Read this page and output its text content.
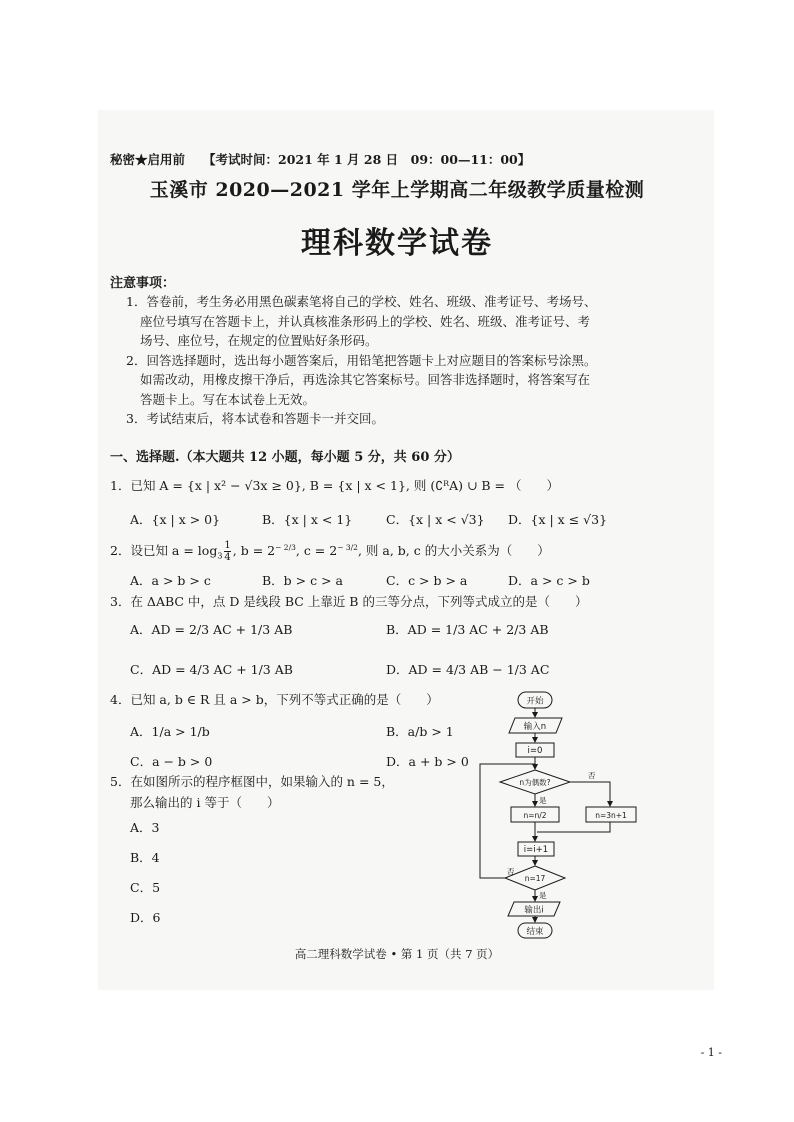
秘密★启用前 【考试时间：2021 年 1 月 28 日　09：00—11：00】
玉溪市 2020—2021 学年上学期高二年级教学质量检测
理科数学试卷
注意事项：
1．答卷前，考生务必用黑色碳素笔将自己的学校、姓名、班级、准考证号、考场号、
座位号填写在答题卡上，并认真核准条形码上的学校、姓名、班级、准考证号、考
场号、座位号，在规定的位置贴好条形码。
2．回答选择题时，选出每小题答案后，用铅笔把答题卡上对应题目的答案标号涂黑。
如需改动，用橡皮擦干净后，再选涂其它答案标号。回答非选择题时，将答案写在
答题卡上。写在本试卷上无效。
3．考试结束后，将本试卷和答题卡一并交回。
一、选择题.（本大题共 12 小题，每小题 5 分，共 60 分）
1．已知 A = {x | x² − √3x ≥ 0}, B = {x | x < 1}, 则 (∁ᴿA) ∪ B = （　　）
A．{x | x > 0}	B．{x | x < 1}	C．{x | x < √3} D．{x | x ≤ √3}
2．设已知 $a = \log_3 \frac{1}{4}$ , $b = 2^{- 2/3}$, $c = 2^{- 3/2}$, 则 a, b, c 的大小关系为（　　）
A．a > b > c	B．b > c > a	C．c > b > a	D．a > c > b
3．在 ΔABC 中，点 D 是线段 BC 上靠近 B 的三等分点，下列等式成立的是（　　）
A．AD = 2/3 AC + 1/3 AB	B．AD = 1/3 AC + 2/3 AB
C．AD = 4/3 AC + 1/3 AB	D．AD = 4/3 AB − 1/3 AC
4．已知 a, b ∈ R 且 a > b，下列不等式正确的是（　　）
A．1/a > 1/b	B．a/b > 1
C．a − b > 0	D．a + b > 0
5．在如图所示的程序框图中，如果输入的 n = 5，
那么输出的 i 等于（　　）
A．3
B．4
C．5
D．6
开始
输入n
i=0
n为偶数?
否
是
n=n/2	n=3n+1
i=i+1
n=17
否
是
输出i
结束
高二理科数学试卷 • 第 1 页（共 7 页）
- 1 -
